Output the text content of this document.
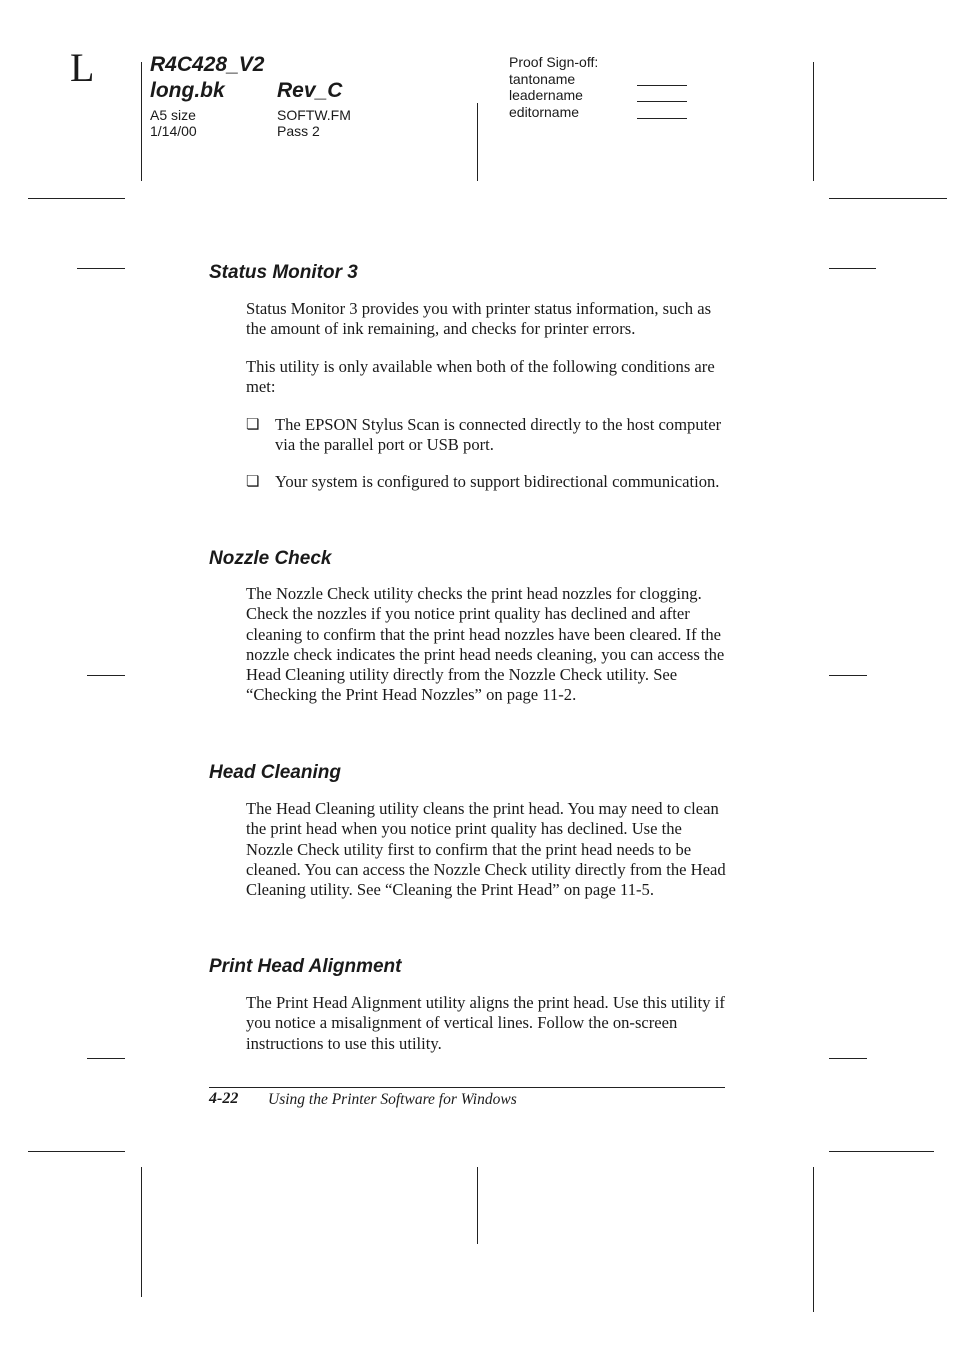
L	R4C428_V2
long.bk Rev_C
A5 size
1/14/00
SOFTW.FM
Pass 2
Proof Sign-off:
tantoname
leadername
editorname
Status Monitor 3
Status Monitor 3 provides you with printer status information, such as the amount of ink remaining, and checks for printer errors.
This utility is only available when both of the following conditions are met:
❏ The EPSON Stylus Scan is connected directly to the host computer via the parallel port or USB port.
❏ Your system is configured to support bidirectional communication.
Nozzle Check
The Nozzle Check utility checks the print head nozzles for clogging. Check the nozzles if you notice print quality has declined and after cleaning to confirm that the print head nozzles have been cleared. If the nozzle check indicates the print head needs cleaning, you can access the Head Cleaning utility directly from the Nozzle Check utility. See “Checking the Print Head Nozzles” on page 11-2.
Head Cleaning
The Head Cleaning utility cleans the print head. You may need to clean the print head when you notice print quality has declined. Use the Nozzle Check utility first to confirm that the print head needs to be cleaned. You can access the Nozzle Check utility directly from the Head Cleaning utility. See “Cleaning the Print Head” on page 11-5.
Print Head Alignment
The Print Head Alignment utility aligns the print head. Use this utility if you notice a misalignment of vertical lines. Follow the on-screen instructions to use this utility.
4-22 Using the Printer Software for Windows
